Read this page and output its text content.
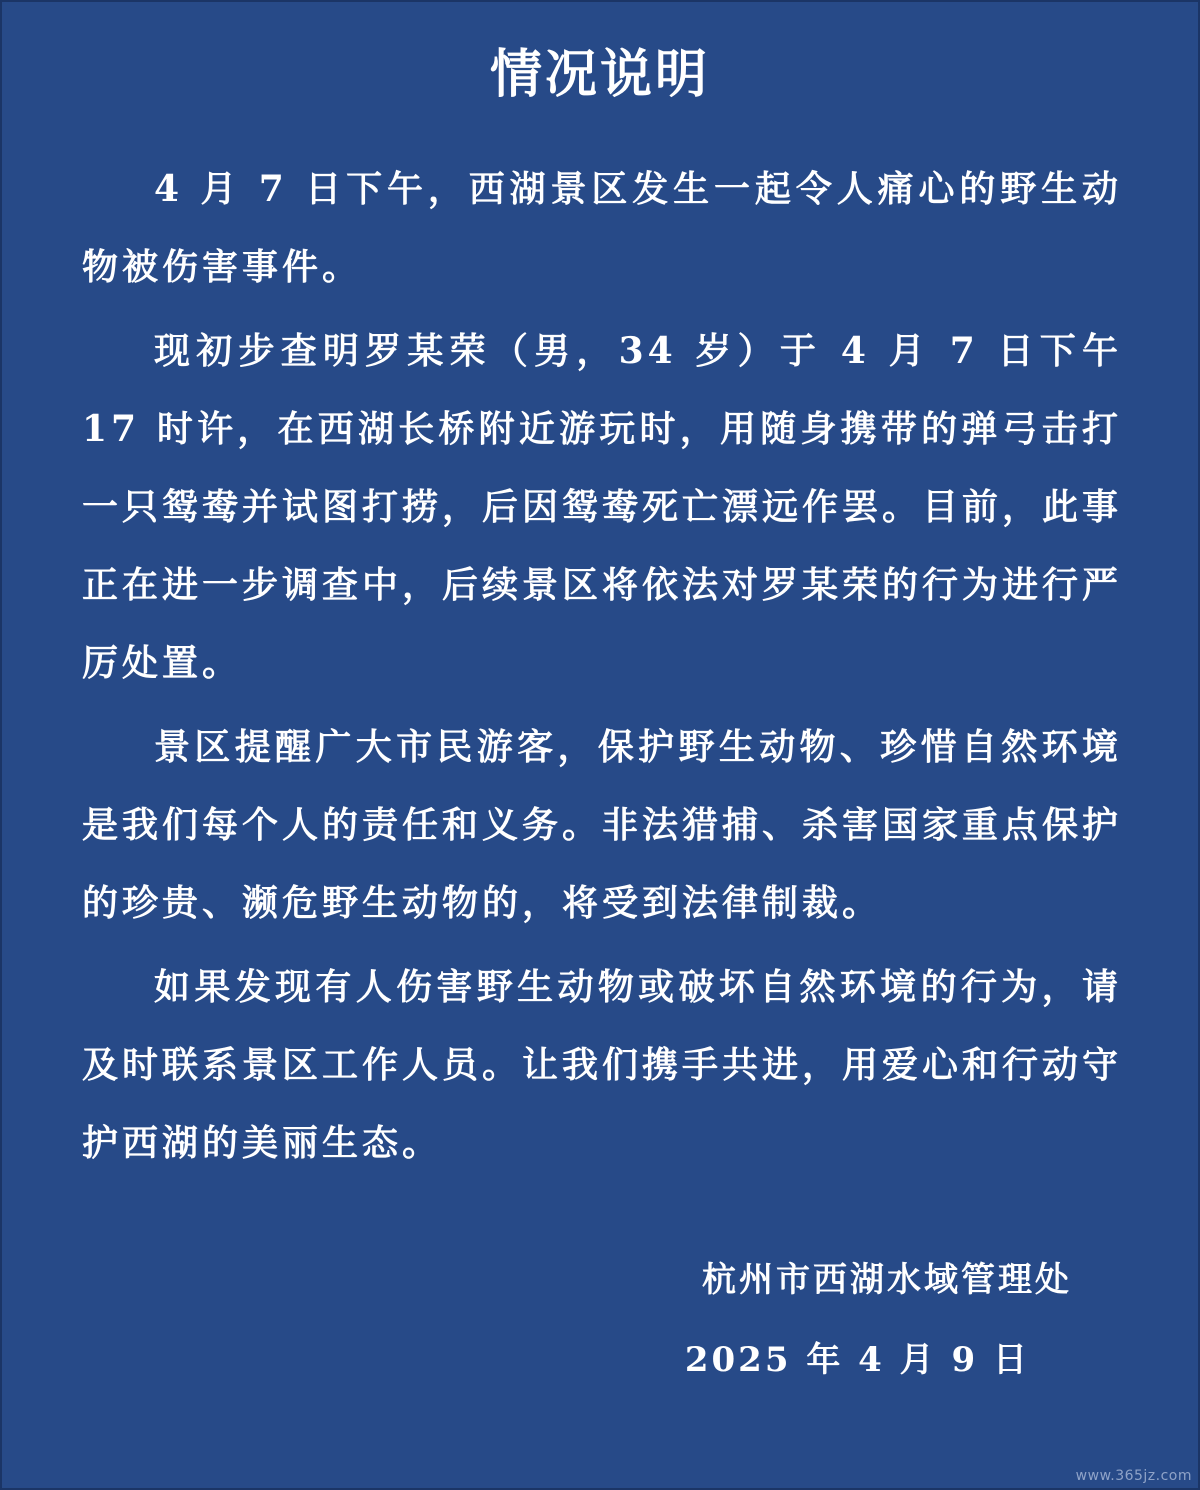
情况说明

4 月 7 日下午，西湖景区发生一起令人痛心的野生动物被伤害事件。

现初步查明罗某荣（男，34 岁）于 4 月 7 日下午 17 时许，在西湖长桥附近游玩时，用随身携带的弹弓击打一只鸳鸯并试图打捞，后因鸳鸯死亡漂远作罢。目前，此事正在进一步调查中，后续景区将依法对罗某荣的行为进行严厉处置。

景区提醒广大市民游客，保护野生动物、珍惜自然环境是我们每个人的责任和义务。非法猎捕、杀害国家重点保护的珍贵、濒危野生动物的，将受到法律制裁。

如果发现有人伤害野生动物或破坏自然环境的行为，请及时联系景区工作人员。让我们携手共进，用爱心和行动守护西湖的美丽生态。

杭州市西湖水域管理处
2025 年 4 月 9 日
www.365jz.com
